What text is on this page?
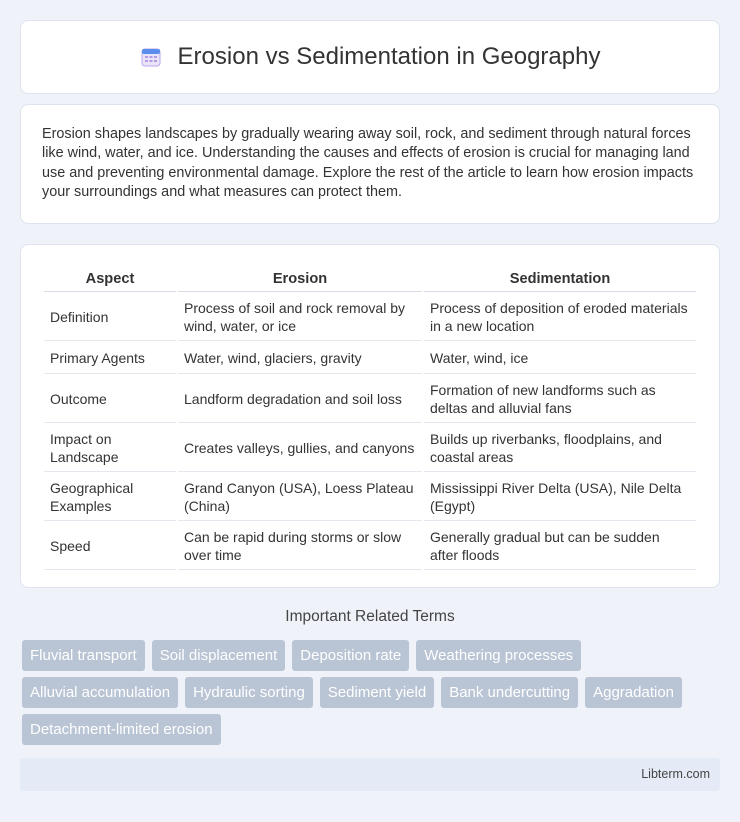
Erosion vs Sedimentation in Geography

Erosion shapes landscapes by gradually wearing away soil, rock, and sediment through natural forces like wind, water, and ice. Understanding the causes and effects of erosion is crucial for managing land use and preventing environmental damage. Explore the rest of the article to learn how erosion impacts your surroundings and what measures can protect them.

Aspect	Erosion	Sedimentation
Definition	Process of soil and rock removal by wind, water, or ice	Process of deposition of eroded materials in a new location
Primary Agents	Water, wind, glaciers, gravity	Water, wind, ice
Outcome	Landform degradation and soil loss	Formation of new landforms such as deltas and alluvial fans
Impact on Landscape	Creates valleys, gullies, and canyons	Builds up riverbanks, floodplains, and coastal areas
Geographical Examples	Grand Canyon (USA), Loess Plateau (China)	Mississippi River Delta (USA), Nile Delta (Egypt)
Speed	Can be rapid during storms or slow over time	Generally gradual but can be sudden after floods
Important Related Terms
Fluvial transport	Soil displacement	Deposition rate	Weathering processes
Alluvial accumulation	Hydraulic sorting	Sediment yield	Bank undercutting	Aggradation
Detachment-limited erosion
Libterm.com
